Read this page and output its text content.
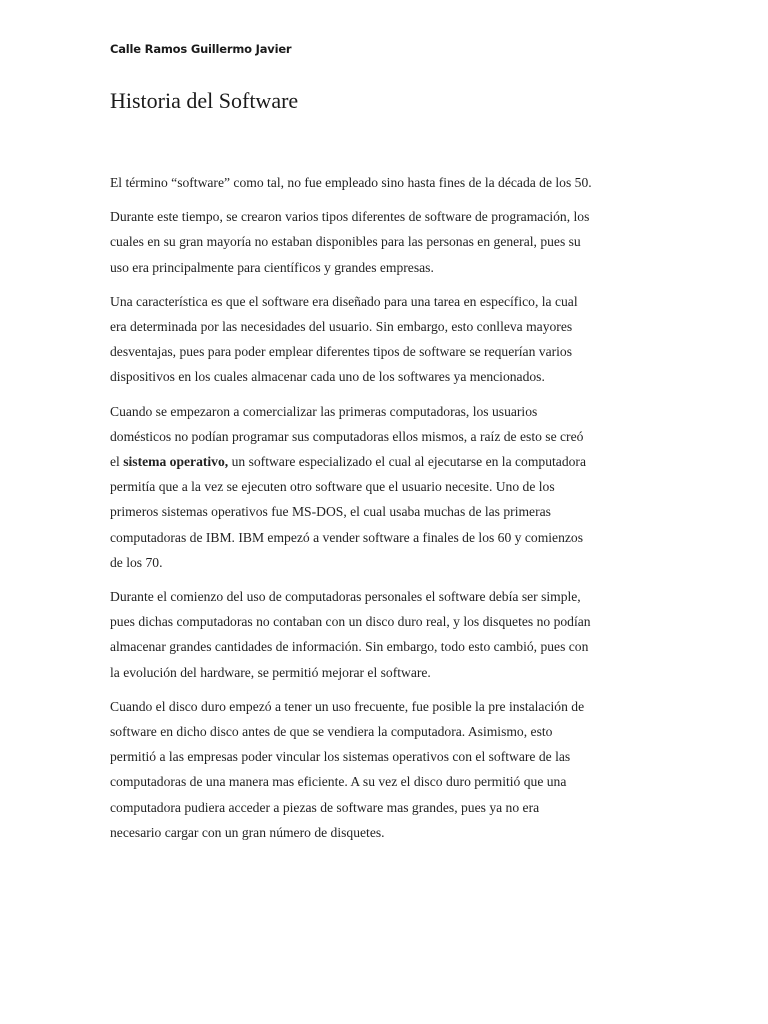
Calle Ramos Guillermo Javier
Historia del Software

El término “software” como tal, no fue empleado sino hasta fines de la década de los 50.

Durante este tiempo, se crearon varios tipos diferentes de software de programación, los
cuales en su gran mayoría no estaban disponibles para las personas en general, pues su
uso era principalmente para científicos y grandes empresas.

Una característica es que el software era diseñado para una tarea en específico, la cual
era determinada por las necesidades del usuario. Sin embargo, esto conlleva mayores
desventajas, pues para poder emplear diferentes tipos de software se requerían varios
dispositivos en los cuales almacenar cada uno de los softwares ya mencionados.

Cuando se empezaron a comercializar las primeras computadoras, los usuarios
domésticos no podían programar sus computadoras ellos mismos, a raíz de esto se creó
el sistema operativo, un software especializado el cual al ejecutarse en la computadora
permitía que a la vez se ejecuten otro software que el usuario necesite. Uno de los
primeros sistemas operativos fue MS-DOS, el cual usaba muchas de las primeras
computadoras de IBM. IBM empezó a vender software a finales de los 60 y comienzos
de los 70.

Durante el comienzo del uso de computadoras personales el software debía ser simple,
pues dichas computadoras no contaban con un disco duro real, y los disquetes no podían
almacenar grandes cantidades de información. Sin embargo, todo esto cambió, pues con
la evolución del hardware, se permitió mejorar el software.

Cuando el disco duro empezó a tener un uso frecuente, fue posible la pre instalación de
software en dicho disco antes de que se vendiera la computadora. Asimismo, esto
permitió a las empresas poder vincular los sistemas operativos con el software de las
computadoras de una manera mas eficiente. A su vez el disco duro permitió que una
computadora pudiera acceder a piezas de software mas grandes, pues ya no era
necesario cargar con un gran número de disquetes.
